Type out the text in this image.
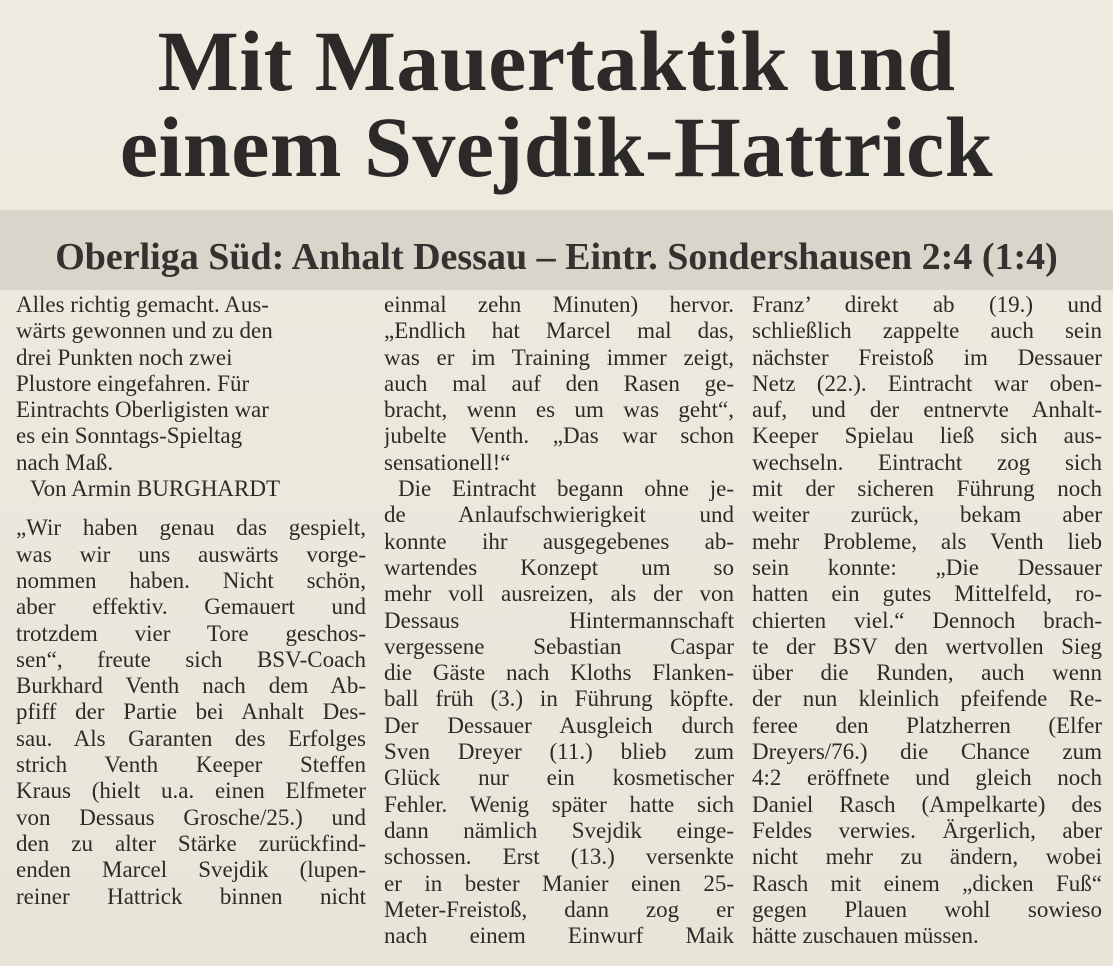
Mit Mauertaktik und
einem Svejdik-Hattrick
Oberliga Süd: Anhalt Dessau – Eintr. Sondershausen 2:4 (1:4)
Alles richtig gemacht. Aus-
wärts gewonnen und zu den
drei Punkten noch zwei
Plustore eingefahren. Für
Eintrachts Oberligisten war
es ein Sonntags-Spieltag
nach Maß.
Von Armin BURGHARDT
„Wir haben genau das gespielt,
was wir uns auswärts vorge-
nommen haben. Nicht schön,
aber effektiv. Gemauert und
trotzdem vier Tore geschos-
sen“, freute sich BSV-Coach
Burkhard Venth nach dem Ab-
pfiff der Partie bei Anhalt Des-
sau. Als Garanten des Erfolges
strich Venth Keeper Steffen
Kraus (hielt u.a. einen Elfmeter
von Dessaus Grosche/25.) und
den zu alter Stärke zurückfind-
enden Marcel Svejdik (lupen-
reiner Hattrick binnen nicht
einmal zehn Minuten) hervor.
„Endlich hat Marcel mal das,
was er im Training immer zeigt,
auch mal auf den Rasen ge-
bracht, wenn es um was geht“,
jubelte Venth. „Das war schon
sensationell!“
Die Eintracht begann ohne je-
de Anlaufschwierigkeit und
konnte ihr ausgegebenes ab-
wartendes Konzept um so
mehr voll ausreizen, als der von
Dessaus Hintermannschaft
vergessene Sebastian Caspar
die Gäste nach Kloths Flanken-
ball früh (3.) in Führung köpfte.
Der Dessauer Ausgleich durch
Sven Dreyer (11.) blieb zum
Glück nur ein kosmetischer
Fehler. Wenig später hatte sich
dann nämlich Svejdik einge-
schossen. Erst (13.) versenkte
er in bester Manier einen 25-
Meter-Freistoß, dann zog er
nach einem Einwurf Maik
Franz’ direkt ab (19.) und
schließlich zappelte auch sein
nächster Freistoß im Dessauer
Netz (22.). Eintracht war oben-
auf, und der entnervte Anhalt-
Keeper Spielau ließ sich aus-
wechseln. Eintracht zog sich
mit der sicheren Führung noch
weiter zurück, bekam aber
mehr Probleme, als Venth lieb
sein konnte: „Die Dessauer
hatten ein gutes Mittelfeld, ro-
chierten viel.“ Dennoch brach-
te der BSV den wertvollen Sieg
über die Runden, auch wenn
der nun kleinlich pfeifende Re-
feree den Platzherren (Elfer
Dreyers/76.) die Chance zum
4:2 eröffnete und gleich noch
Daniel Rasch (Ampelkarte) des
Feldes verwies. Ärgerlich, aber
nicht mehr zu ändern, wobei
Rasch mit einem „dicken Fuß“
gegen Plauen wohl sowieso
hätte zuschauen müssen.
